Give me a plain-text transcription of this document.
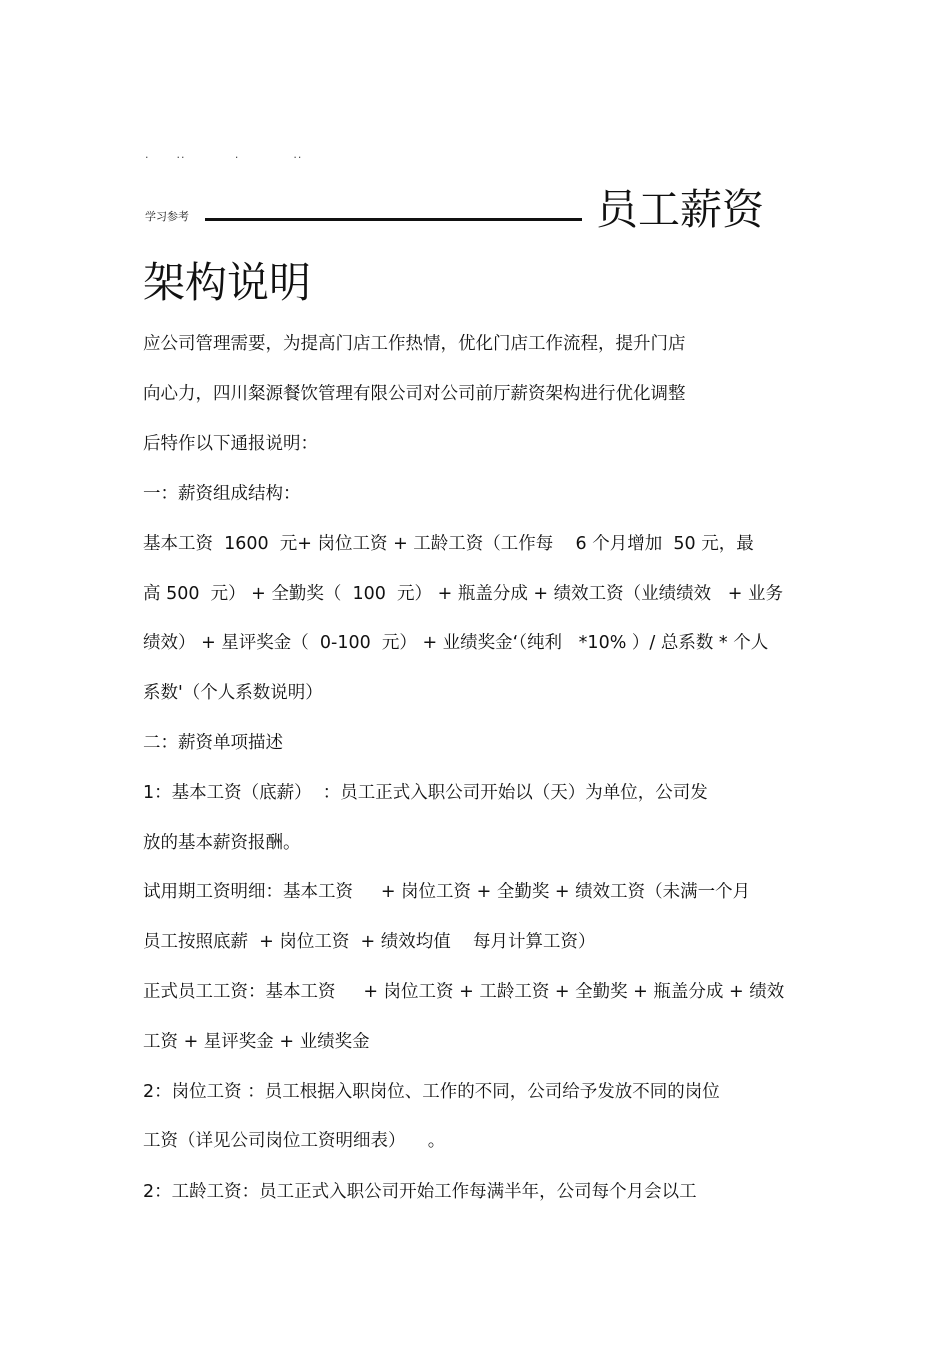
.      ..           .            ..
学习参考	员工薪资
架构说明
应公司管理需要，为提高门店工作热情，优化门店工作流程，提升门店
向心力，四川粲源餐饮管理有限公司对公司前厅薪资架构进行优化调整
后特作以下通报说明：
一：薪资组成结构：
基本工资  1600  元+ 岗位工资 + 工龄工资（工作每    6 个月增加  50 元，最
高 500  元） + 全勤奖（  100  元） + 瓶盖分成 + 绩效工资（业绩绩效   + 业务
绩效） + 星评奖金（  0-100  元） + 业绩奖金‘（纯利   *10% ）/ 总系数 * 个人
系数'（个人系数说明）
二：薪资单项描述
1：基本工资（底薪）  ：员工正式入职公司开始以（天）为单位，公司发
放的基本薪资报酬。
试用期工资明细：基本工资     + 岗位工资 + 全勤奖 + 绩效工资（未满一个月
员工按照底薪  + 岗位工资  + 绩效均值    每月计算工资）
正式员工工资：基本工资     + 岗位工资 + 工龄工资 + 全勤奖 + 瓶盖分成 + 绩效
工资 + 星评奖金 + 业绩奖金
2：岗位工资 ：员工根据入职岗位、工作的不同，公司给予发放不同的岗位
工资（详见公司岗位工资明细表）    。
2：工龄工资：员工正式入职公司开始工作每满半年，公司每个月会以工
